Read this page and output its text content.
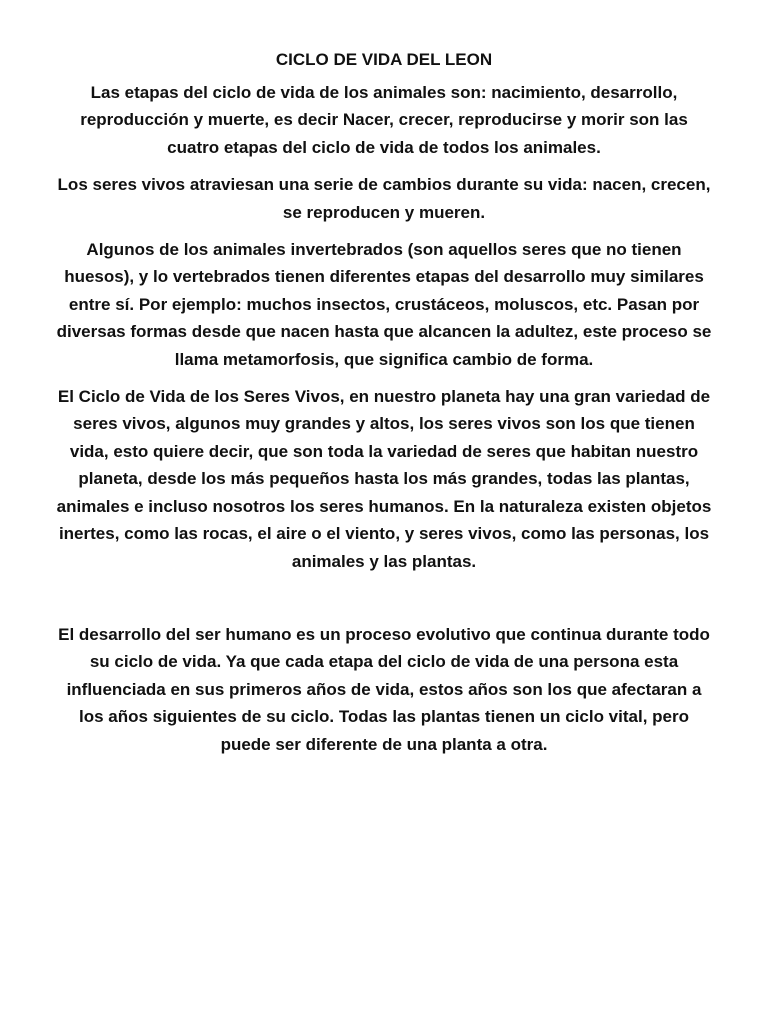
CICLO DE VIDA DEL LEON

Las etapas del ciclo de vida de los animales son: nacimiento, desarrollo, reproducción y muerte, es decir Nacer, crecer, reproducirse y morir son las cuatro etapas del ciclo de vida de todos los animales.

Los seres vivos atraviesan una serie de cambios durante su vida: nacen, crecen, se reproducen y mueren.

Algunos de los animales invertebrados (son aquellos seres que no tienen huesos), y lo vertebrados tienen diferentes etapas del desarrollo muy similares entre sí. Por ejemplo: muchos insectos, crustáceos, moluscos, etc. Pasan por diversas formas desde que nacen hasta que alcancen la adultez, este proceso se llama metamorfosis, que significa cambio de forma.

El Ciclo de Vida de los Seres Vivos, en nuestro planeta hay una gran variedad de seres vivos, algunos muy grandes y altos, los seres vivos son los que tienen vida, esto quiere decir, que son toda la variedad de seres que habitan nuestro planeta, desde los más pequeños hasta los más grandes, todas las plantas, animales e incluso nosotros los seres humanos. En la naturaleza existen objetos inertes, como las rocas, el aire o el viento, y seres vivos, como las personas, los animales y las plantas.

El desarrollo del ser humano es un proceso evolutivo que continua durante todo su ciclo de vida. Ya que cada etapa del ciclo de vida de una persona esta influenciada en sus primeros años de vida, estos años son los que afectaran a los años siguientes de su ciclo. Todas las plantas tienen un ciclo vital, pero puede ser diferente de una planta a otra.
